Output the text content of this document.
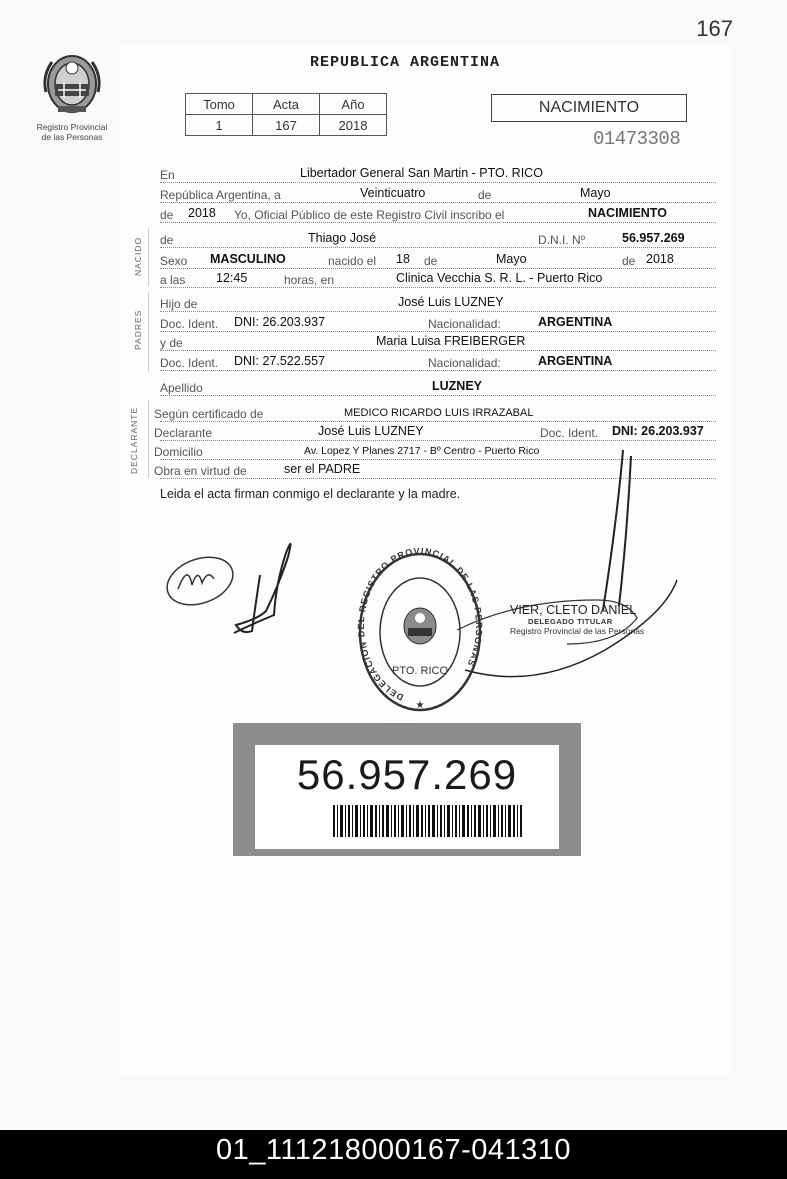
167
Registro Provincial
de las Personas
REPUBLICA ARGENTINA
Tomo	Acta	Año
1	167	2018
NACIMIENTO
01473308
En	Libertador General San Martin - PTO. RICO
República Argentina, a	Veinticuatro	de	Mayo
de 2018 Yo, Oficial Público de este Registro Civil inscribo el	NACIMIENTO
de	Thiago José	D.N.I. Nº	56.957.269
Sexo MASCULINO	nacido el 18 de	Mayo	de 2018
a las 12:45	horas, en	Clinica Vecchia S. R. L. - Puerto Rico
Hijo de	José Luis LUZNEY
Doc. Ident. DNI: 26.203.937	Nacionalidad:	ARGENTINA
y de	Maria Luisa FREIBERGER
Doc. Ident. DNI: 27.522.557	Nacionalidad:	ARGENTINA
Apellido	LUZNEY
Según certificado de	MEDICO RICARDO LUIS IRRAZABAL
Declarante	José Luis LUZNEY	Doc. Ident. DNI: 26.203.937
Domicilio	Av. Lopez Y Planes 2717 - Bº Centro - Puerto Rico
Obra en virtud de	ser el PADRE
NACIDO
PADRES
DECLARANTE
Leida el acta firman conmigo el declarante y la madre.
DELEGACION DEL REGISTRO PROVINCIAL DE LAS PERSONAS
PTO. RICO
★
VIER, CLETO DANIEL
DELEGADO TITULAR
Registro Provincial de las Personas
R R R R R R R R R R R
R
R
R
56.957.269
01_111218000167-041310
